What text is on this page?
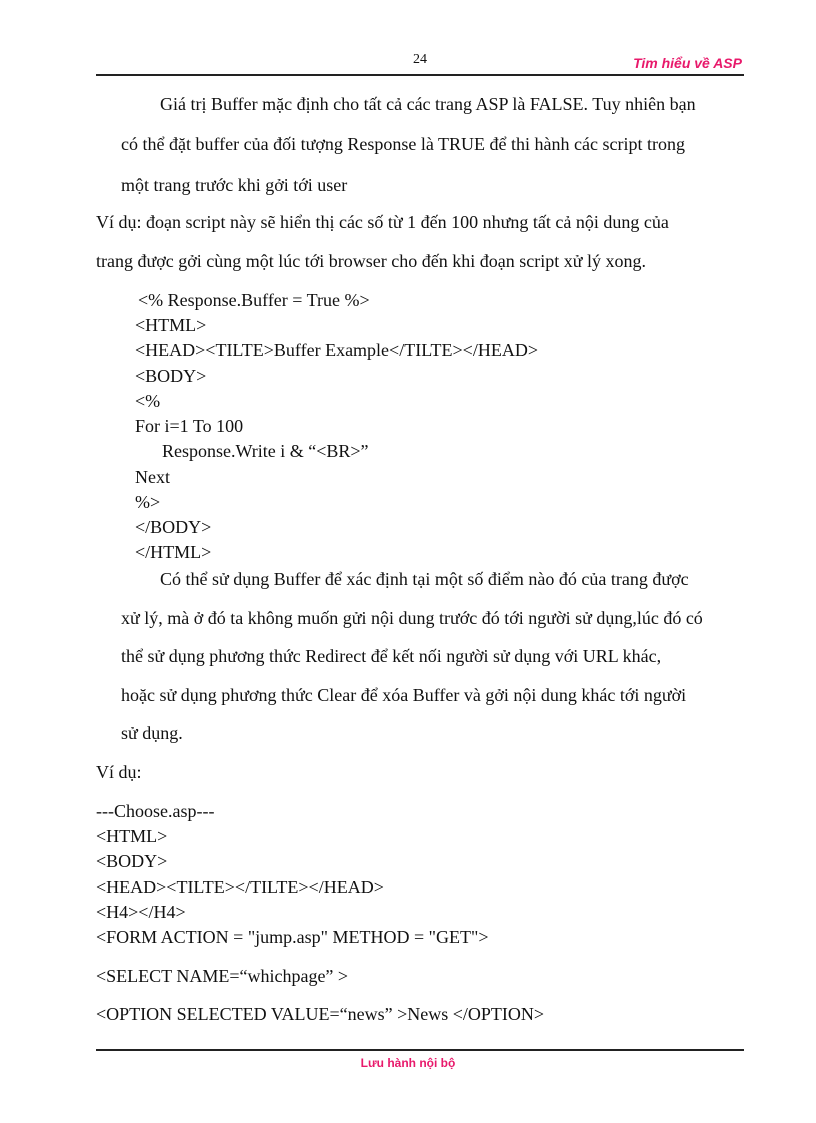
24	Tim hiểu về ASP
Giá trị Buffer mặc định cho tất cả các trang ASP là FALSE. Tuy nhiên bạn
có thể đặt buffer của đối tượng Response là TRUE để thi hành các script trong
một trang trước khi gởi tới user
Ví dụ: đoạn script này sẽ hiển thị các số từ 1 đến 100 nhưng tất cả nội dung của
trang được gởi cùng một lúc tới browser cho đến khi đoạn script xử lý xong.
<% Response.Buffer = True %>
<HTML>
<HEAD><TILTE>Buffer Example</TILTE></HEAD>
<BODY>
<%
For i=1 To 100
Response.Write i & “<BR>”
Next
%>
</BODY>
</HTML>
Có thể sử dụng Buffer để xác định tại một số điểm nào đó của trang được
xử lý, mà ở đó ta không muốn gửi nội dung trước đó tới người sử dụng,lúc đó có
thể sử dụng phương thức Redirect để kết nối người sử dụng với URL khác,
hoặc sử dụng phương thức Clear để xóa Buffer và gởi nội dung khác tới người
sử dụng.
Ví dụ:
---Choose.asp---
<HTML>
<BODY>
<HEAD><TILTE></TILTE></HEAD>
<H4></H4>
<FORM ACTION = "jump.asp" METHOD = "GET">
<SELECT NAME=“whichpage” >
<OPTION SELECTED VALUE=“news” >News </OPTION>
Lưu hành nội bộ
